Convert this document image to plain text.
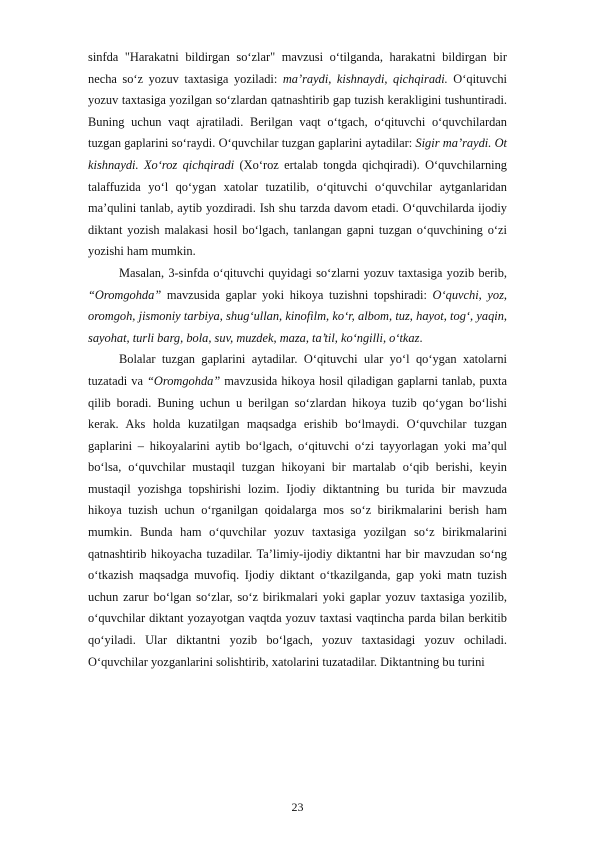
sinfda "Harakatni bildirgan so‘zlar" mavzusi o‘tilganda, harakatni bildirgan bir necha so‘z yozuv taxtasiga yoziladi: ma’raydi, kishnaydi, qichqiradi. O‘qituvchi yozuv taxtasiga yozilgan so‘zlardan qatnashtirib gap tuzish kerakligini tushuntiradi. Buning uchun vaqt ajratiladi. Berilgan vaqt o‘tgach, o‘qituvchi o‘quvchilardan tuzgan gaplarini so‘raydi. O‘quvchilar tuzgan gaplarini aytadilar: Sigir ma’raydi. Ot kishnaydi. Xo‘roz qichqiradi (Xo‘roz ertalab tongda qichqiradi). O‘quvchilarning talaffuzida yo‘l qo‘ygan xatolar tuzatilib, o‘qituvchi o‘quvchilar aytganlaridan ma’qulini tanlab, aytib yozdiradi. Ish shu tarzda davom etadi. O‘quvchilarda ijodiy diktant yozish malakasi hosil bo‘lgach, tanlangan gapni tuzgan o‘quvchining o‘zi yozishi ham mumkin.

Masalan, 3-sinfda o‘qituvchi quyidagi so‘zlarni yozuv taxtasiga yozib berib, “Oromgohda” mavzusida gaplar yoki hikoya tuzishni topshiradi: O‘quvchi, yoz, oromgoh, jismoniy tarbiya, shug‘ullan, kinofilm, ko‘r, albom, tuz, hayot, tog‘, yaqin, sayohat, turli barg, bola, suv, muzdek, maza, ta’til, ko‘ngilli, o‘tkaz.

Bolalar tuzgan gaplarini aytadilar. O‘qituvchi ular yo‘l qo‘ygan xatolarni tuzatadi va “Oromgohda” mavzusida hikoya hosil qiladigan gaplarni tanlab, puxta qilib boradi. Buning uchun u berilgan so‘zlardan hikoya tuzib qo‘ygan bo‘lishi kerak. Aks holda kuzatilgan maqsadga erishib bo‘lmaydi. O‘quvchilar tuzgan gaplarini – hikoyalarini aytib bo‘lgach, o‘qituvchi o‘zi tayyorlagan yoki ma’qul bo‘lsa, o‘quvchilar mustaqil tuzgan hikoyani bir martalab o‘qib berishi, keyin mustaqil yozishga topshirishi lozim. Ijodiy diktantning bu turida bir mavzuda hikoya tuzish uchun o‘rganilgan qoidalarga mos so‘z birikmalarini berish ham mumkin. Bunda ham o‘quvchilar yozuv taxtasiga yozilgan so‘z birikmalarini qatnashtirib hikoyacha tuzadilar. Ta’limiy-ijodiy diktantni har bir mavzudan so‘ng o‘tkazish maqsadga muvofiq. Ijodiy diktant o‘tkazilganda, gap yoki matn tuzish uchun zarur bo‘lgan so‘zlar, so‘z birikmalari yoki gaplar yozuv taxtasiga yozilib, o‘quvchilar diktant yozayotgan vaqtda yozuv taxtasi vaqtincha parda bilan berkitib qo‘yiladi. Ular diktantni yozib bo‘lgach, yozuv taxtasidagi yozuv ochiladi. O‘quvchilar yozganlarini solishtirib, xatolarini tuzatadilar. Diktantning bu turini

23
